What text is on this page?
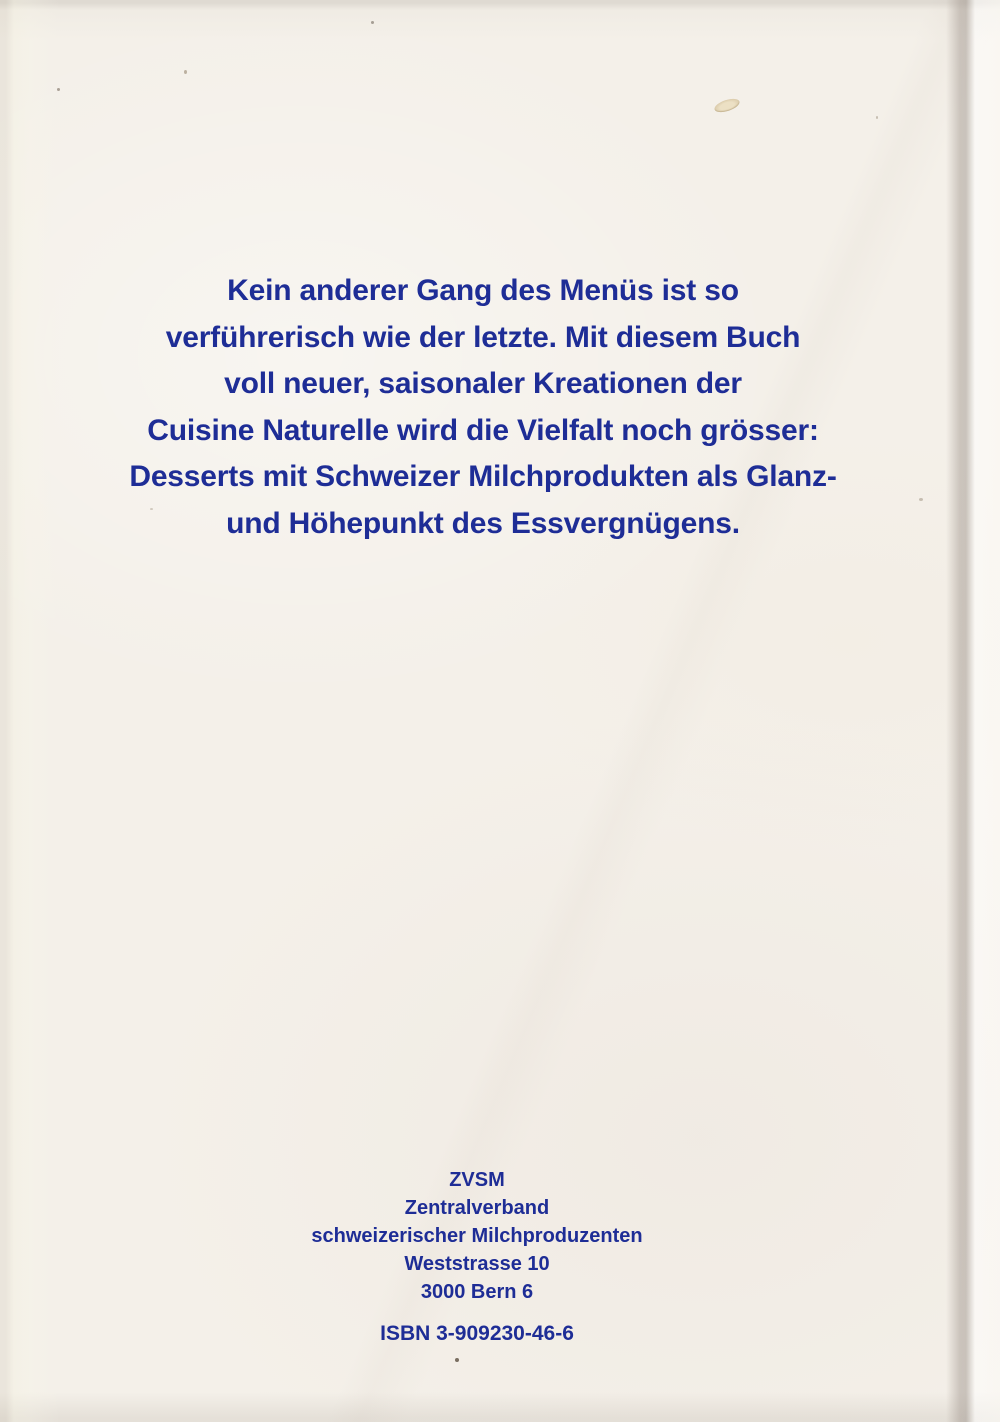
Kein anderer Gang des Menüs ist so
verführerisch wie der letzte. Mit diesem Buch
voll neuer, saisonaler Kreationen der
Cuisine Naturelle wird die Vielfalt noch grösser:
Desserts mit Schweizer Milchprodukten als Glanz-
und Höhepunkt des Essvergnügens.
ZVSM
Zentralverband
schweizerischer Milchproduzenten
Weststrasse 10
3000 Bern 6
ISBN 3-909230-46-6
